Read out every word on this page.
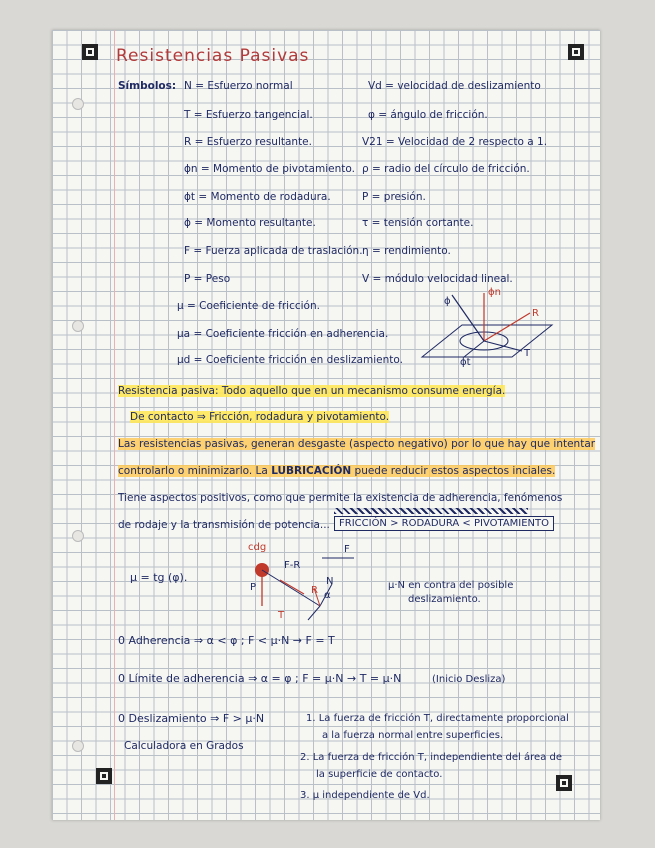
Resistencias Pasivas
Símbolos: N = Esfuerzo normal
T = Esfuerzo tangencial.
R = Esfuerzo resultante.
ϕn = Momento de pivotamiento.
ϕt = Momento de rodadura.
ϕ = Momento resultante.
F = Fuerza aplicada de traslación.
P = Peso
μ = Coeficiente de fricción.
μa = Coeficiente fricción en adherencia.
μd = Coeficiente fricción en deslizamiento.
Vd = velocidad de deslizamiento
φ = ángulo de fricción.
V21 = Velocidad de 2 respecto a 1.
ρ = radio del círculo de fricción.
P = presión.
τ = tensión cortante.
η = rendimiento.
V = módulo velocidad lineal.
ϕn
ϕ
R
T
ϕt
Resistencia pasiva: Todo aquello que en un mecanismo consume energía.
De contacto ⇒ Fricción, rodadura y pivotamiento.
Las resistencias pasivas, generan desgaste (aspecto negativo) por lo que hay que intentar
controlarlo o minimizarlo. La LUBRICACIÓN puede reducir estos aspectos inciales.
Tiene aspectos positivos, como que permite la existencia de adherencia, fenómenos
de rodaje y la transmisión de potencia... FRICCIÓN > RODADURA < PIVOTAMIENTO
cdg
F-R
F
P
N
R α
T
μ = tg (φ).
μ·N en contra del posible
deslizamiento.
0 Adherencia ⇒ α < φ ; F < μ·N → F = T
0 Límite de adherencia ⇒ α = φ ; F = μ·N → T = μ·N	(Inicio Desliza)
0 Deslizamiento ⇒ F > μ·N
Calculadora en Grados
1. La fuerza de fricción T, directamente proporcional
a la fuerza normal entre superficies.
2. La fuerza de fricción T, independiente del área de
la superficie de contacto.
3. μ independiente de Vd.
